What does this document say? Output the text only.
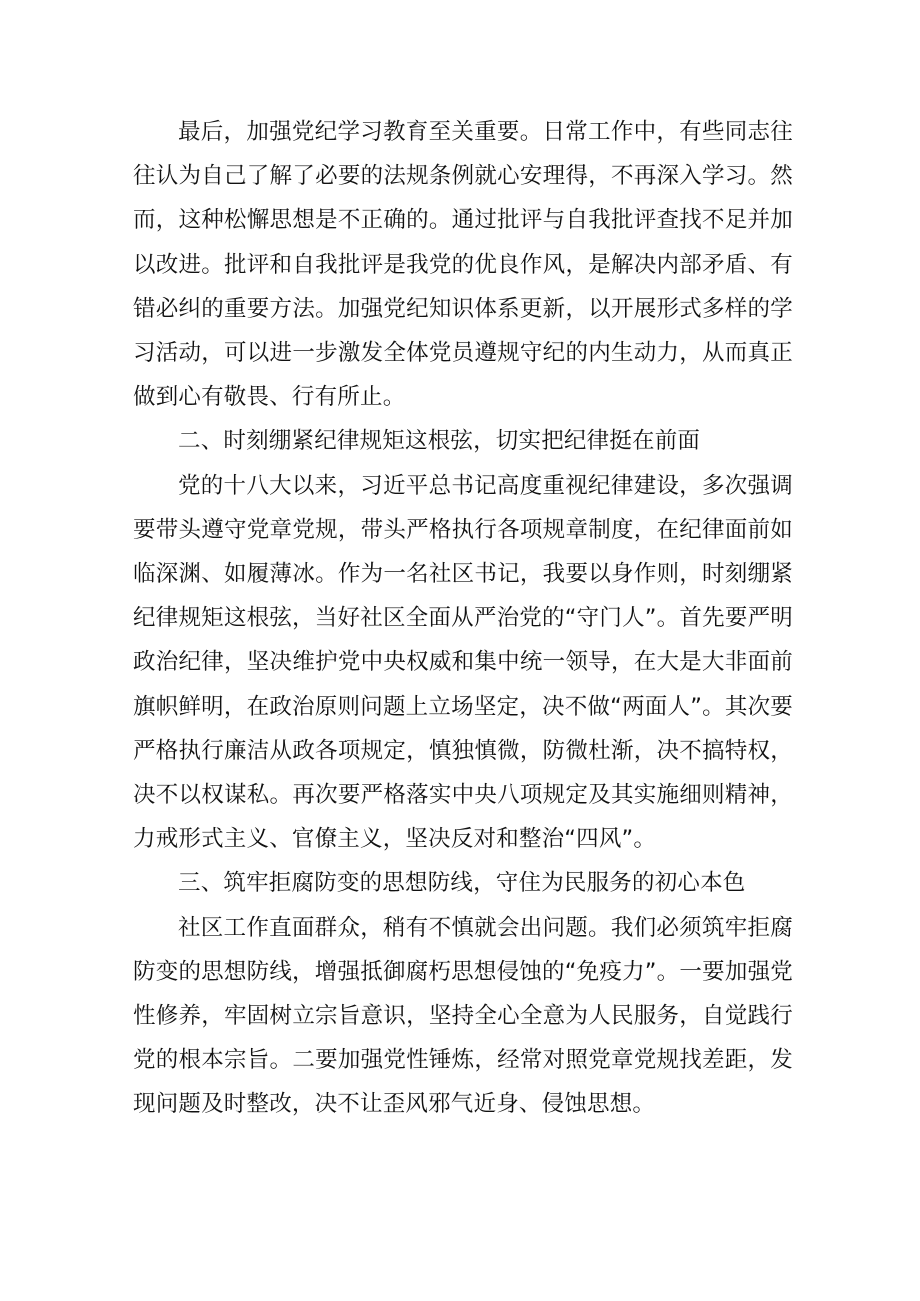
最后，加强党纪学习教育至关重要。日常工作中，有些同志往往认为自己了解了必要的法规条例就心安理得，不再深入学习。然而，这种松懈思想是不正确的。通过批评与自我批评查找不足并加以改进。批评和自我批评是我党的优良作风，是解决内部矛盾、有错必纠的重要方法。加强党纪知识体系更新，以开展形式多样的学习活动，可以进一步激发全体党员遵规守纪的内生动力，从而真正做到心有敬畏、行有所止。

二、时刻绷紧纪律规矩这根弦，切实把纪律挺在前面

党的十八大以来，习近平总书记高度重视纪律建设，多次强调要带头遵守党章党规，带头严格执行各项规章制度，在纪律面前如临深渊、如履薄冰。作为一名社区书记，我要以身作则，时刻绷紧纪律规矩这根弦，当好社区全面从严治党的“守门人”。首先要严明政治纪律，坚决维护党中央权威和集中统一领导，在大是大非面前旗帜鲜明，在政治原则问题上立场坚定，决不做“两面人”。其次要严格执行廉洁从政各项规定，慎独慎微，防微杜渐，决不搞特权，决不以权谋私。再次要严格落实中央八项规定及其实施细则精神，力戒形式主义、官僚主义，坚决反对和整治“四风”。

三、筑牢拒腐防变的思想防线，守住为民服务的初心本色

社区工作直面群众，稍有不慎就会出问题。我们必须筑牢拒腐防变的思想防线，增强抵御腐朽思想侵蚀的“免疫力”。一要加强党性修养，牢固树立宗旨意识，坚持全心全意为人民服务，自觉践行党的根本宗旨。二要加强党性锤炼，经常对照党章党规找差距，发现问题及时整改，决不让歪风邪气近身、侵蚀思想。
